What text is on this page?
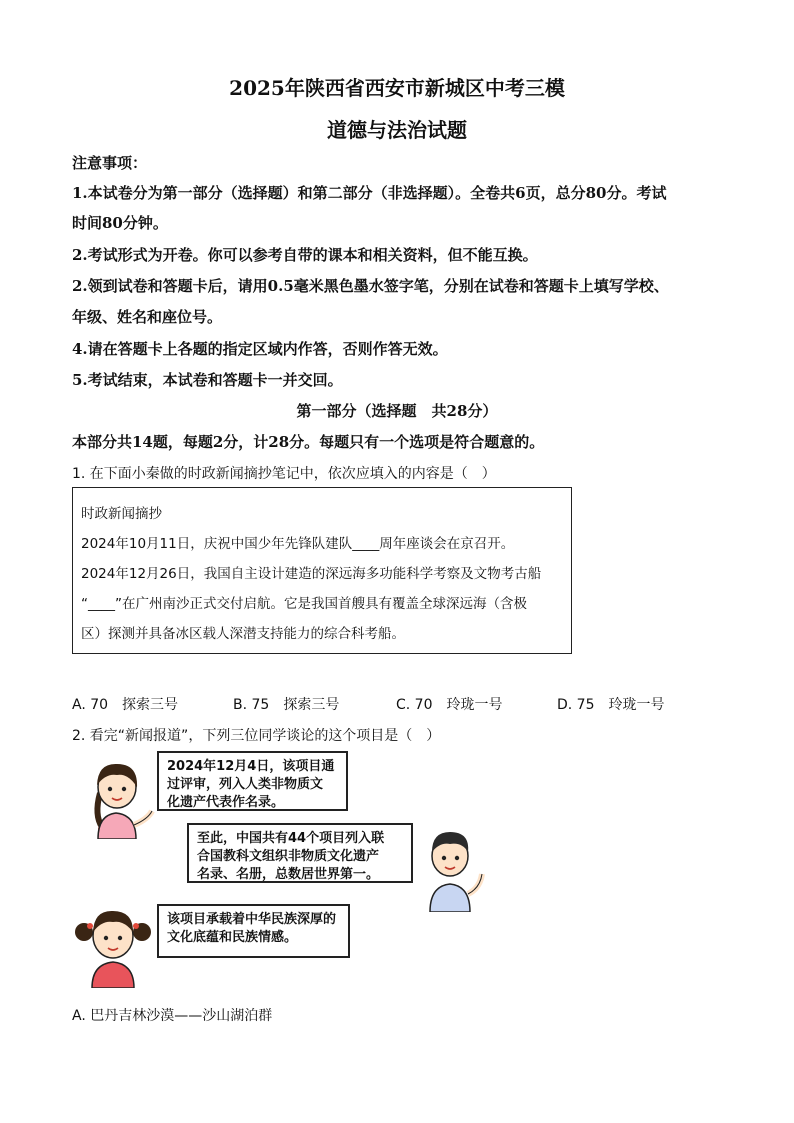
2025年陕西省西安市新城区中考三模
道德与法治试题
注意事项：
1.本试卷分为第一部分（选择题）和第二部分（非选择题）。全卷共6页，总分80分。考试
时间80分钟。
2.考试形式为开卷。你可以参考自带的课本和相关资料，但不能互换。
2.领到试卷和答题卡后，请用0.5毫米黑色墨水签字笔，分别在试卷和答题卡上填写学校、
年级、姓名和座位号。
4.请在答题卡上各题的指定区域内作答，否则作答无效。
5.考试结束，本试卷和答题卡一并交回。
第一部分（选择题　共28分）
本部分共14题，每题2分，计28分。每题只有一个选项是符合题意的。
1. 在下面小秦做的时政新闻摘抄笔记中，依次应填入的内容是（　）
时政新闻摘抄
2024年10月11日，庆祝中国少年先锋队建队____周年座谈会在京召开。
2024年12月26日，我国自主设计建造的深远海多功能科学考察及文物考古船
“____”在广州南沙正式交付启航。它是我国首艘具有覆盖全球深远海（含极
区）探测并具备冰区载人深潜支持能力的综合科考船。
A. 70　探索三号	B. 75　探索三号	C. 70　玲珑一号	D. 75　玲珑一号
2. 看完“新闻报道”，下列三位同学谈论的这个项目是（　）
2024年12月4日，该项目通
过评审，列入人类非物质文
化遗产代表作名录。
至此，中国共有44个项目列入联
合国教科文组织非物质文化遗产
名录、名册，总数居世界第一。
该项目承载着中华民族深厚的
文化底蕴和民族情感。
A. 巴丹吉林沙漠——沙山湖泊群
